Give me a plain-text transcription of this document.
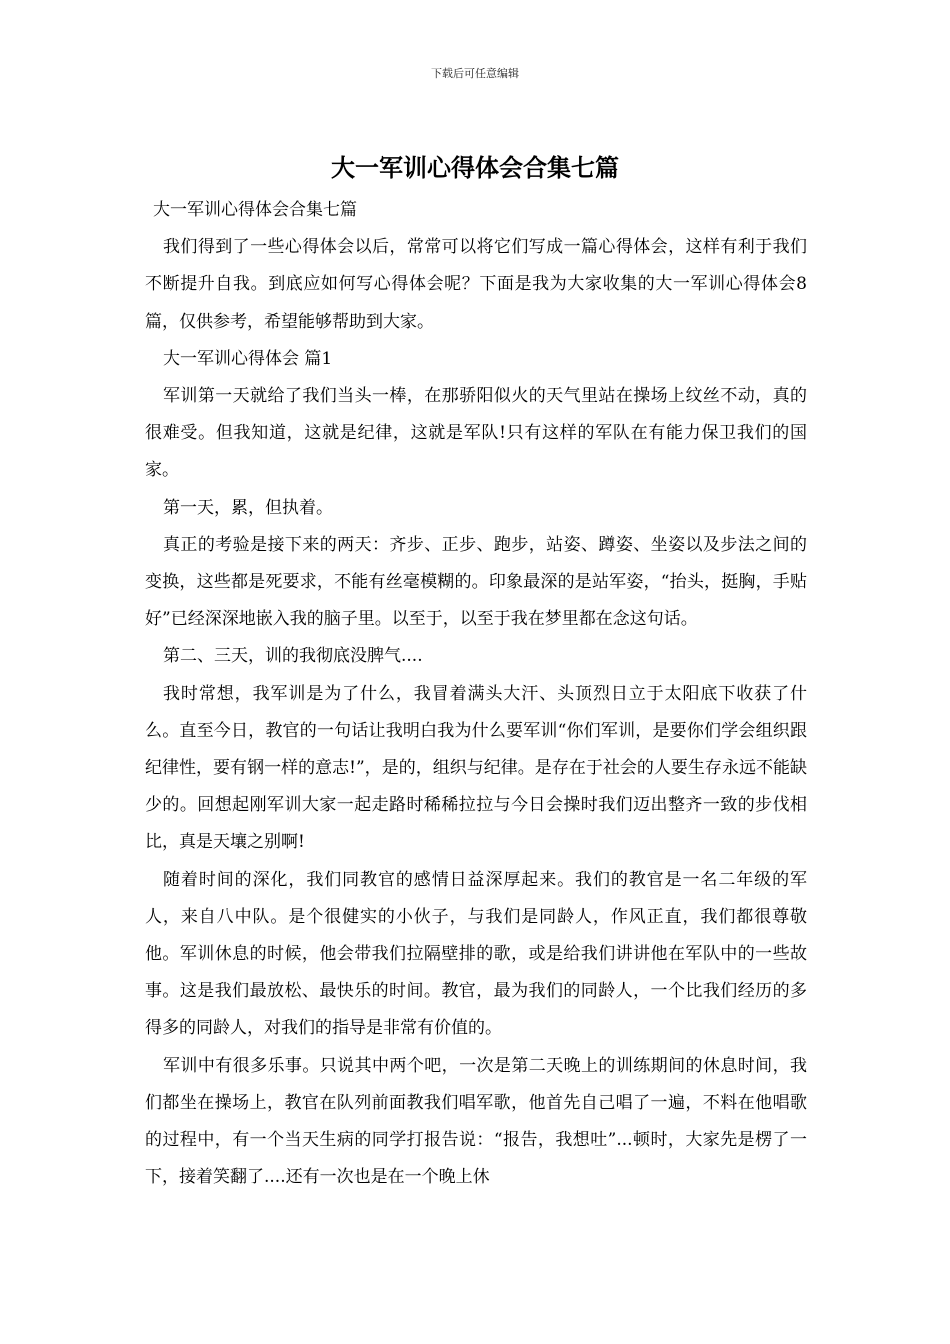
下载后可任意编辑
大一军训心得体会合集七篇

大一军训心得体会合集七篇

我们得到了一些心得体会以后，常常可以将它们写成一篇心得体会，这样有利于我们不断提升自我。到底应如何写心得体会呢？下面是我为大家收集的大一军训心得体会8篇，仅供参考，希望能够帮助到大家。

大一军训心得体会 篇1

军训第一天就给了我们当头一棒，在那骄阳似火的天气里站在操场上纹丝不动，真的很难受。但我知道，这就是纪律，这就是军队!只有这样的军队在有能力保卫我们的国家。

第一天，累，但执着。

真正的考验是接下来的两天：齐步、正步、跑步，站姿、蹲姿、坐姿以及步法之间的变换，这些都是死要求，不能有丝毫模糊的。印象最深的是站军姿，“抬头，挺胸，手贴好”已经深深地嵌入我的脑子里。以至于，以至于我在梦里都在念这句话。

第二、三天，训的我彻底没脾气....

我时常想，我军训是为了什么，我冒着满头大汗、头顶烈日立于太阳底下收获了什么。直至今日，教官的一句话让我明白我为什么要军训“你们军训，是要你们学会组织跟纪律性，要有钢一样的意志!”，是的，组织与纪律。是存在于社会的人要生存永远不能缺少的。回想起刚军训大家一起走路时稀稀拉拉与今日会操时我们迈出整齐一致的步伐相比，真是天壤之别啊!

随着时间的深化，我们同教官的感情日益深厚起来。我们的教官是一名二年级的军人，来自八中队。是个很健实的小伙子，与我们是同龄人，作风正直，我们都很尊敬他。军训休息的时候，他会带我们拉隔壁排的歌，或是给我们讲讲他在军队中的一些故事。这是我们最放松、最快乐的时间。教官，最为我们的同龄人，一个比我们经历的多得多的同龄人，对我们的指导是非常有价值的。

军训中有很多乐事。只说其中两个吧，一次是第二天晚上的训练期间的休息时间，我们都坐在操场上，教官在队列前面教我们唱军歌，他首先自己唱了一遍，不料在他唱歌的过程中，有一个当天生病的同学打报告说：“报告，我想吐”...顿时，大家先是楞了一下，接着笑翻了....还有一次也是在一个晚上休
